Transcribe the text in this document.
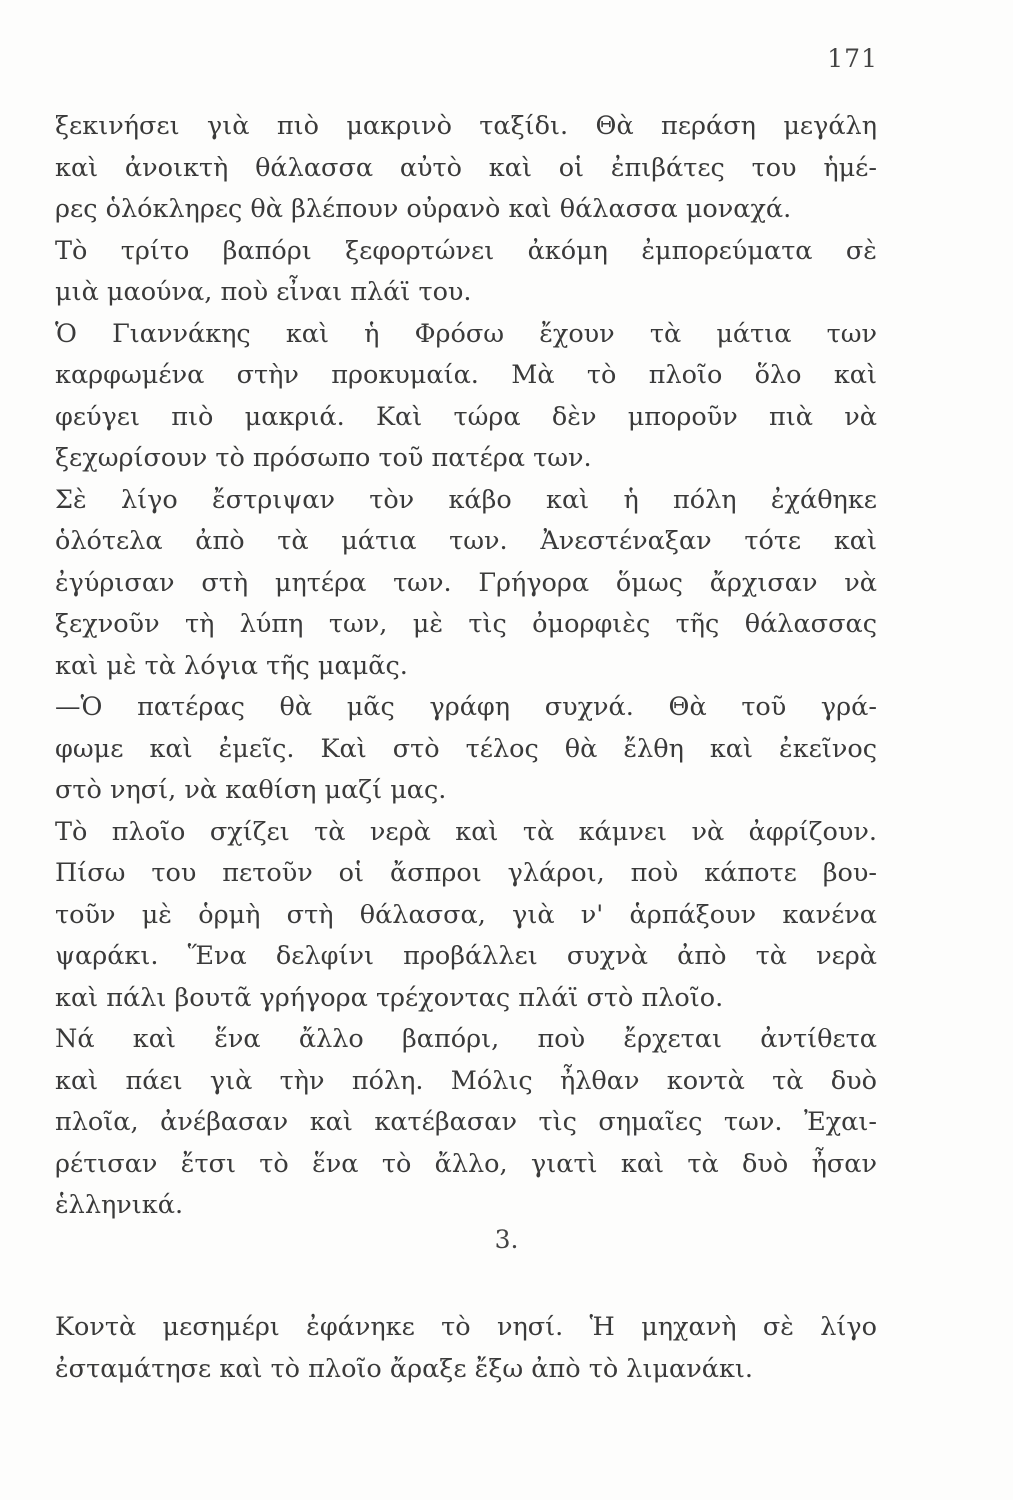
171
ξεκινήσει γιὰ πιὸ μακρινὸ ταξίδι. Θὰ περάση μεγάλη
καὶ ἀνοικτὴ θάλασσα αὐτὸ καὶ οἱ ἐπιβάτες του ἡμέ-
ρες ὁλόκληρες θὰ βλέπουν οὐρανὸ καὶ θάλασσα μοναχά.
Τὸ τρίτο βαπόρι ξεφορτώνει ἀκόμη ἐμπορεύματα σὲ
μιὰ μαούνα, ποὺ εἶναι πλάϊ του.
Ὁ Γιαννάκης καὶ ἡ Φρόσω ἔχουν τὰ μάτια των
καρφωμένα στὴν προκυμαία. Μὰ τὸ πλοῖο ὅλο καὶ
φεύγει πιὸ μακριά. Καὶ τώρα δὲν μποροῦν πιὰ νὰ
ξεχωρίσουν τὸ πρόσωπο τοῦ πατέρα των.
Σὲ λίγο ἔστριψαν τὸν κάβο καὶ ἡ πόλη ἐχάθηκε
ὁλότελα ἀπὸ τὰ μάτια των. Ἀνεστέναξαν τότε καὶ
ἐγύρισαν στὴ μητέρα των. Γρήγορα ὅμως ἄρχισαν νὰ
ξεχνοῦν τὴ λύπη των, μὲ τὶς ὀμορφιὲς τῆς θάλασσας
καὶ μὲ τὰ λόγια τῆς μαμᾶς.
—Ὁ πατέρας θὰ μᾶς γράφη συχνά. Θὰ τοῦ γρά-
φωμε καὶ ἐμεῖς. Καὶ στὸ τέλος θὰ ἔλθη καὶ ἐκεῖνος
στὸ νησί, νὰ καθίση μαζί μας.
Τὸ πλοῖο σχίζει τὰ νερὰ καὶ τὰ κάμνει νὰ ἀφρίζουν.
Πίσω του πετοῦν οἱ ἄσπροι γλάροι, ποὺ κάποτε βου-
τοῦν μὲ ὁρμὴ στὴ θάλασσα, γιὰ ν' ἁρπάξουν κανένα
ψαράκι. Ἕνα δελφίνι προβάλλει συχνὰ ἀπὸ τὰ νερὰ
καὶ πάλι βουτᾶ γρήγορα τρέχοντας πλάϊ στὸ πλοῖο.
Νά καὶ ἕνα ἄλλο βαπόρι, ποὺ ἔρχεται ἀντίθετα
καὶ πάει γιὰ τὴν πόλη. Μόλις ἦλθαν κοντὰ τὰ δυὸ
πλοῖα, ἀνέβασαν καὶ κατέβασαν τὶς σημαῖες των. Ἐχαι-
ρέτισαν ἔτσι τὸ ἕνα τὸ ἄλλο, γιατὶ καὶ τὰ δυὸ ἦσαν
ἑλληνικά.
3.
Κοντὰ μεσημέρι ἐφάνηκε τὸ νησί. Ἡ μηχανὴ σὲ λίγο
ἐσταμάτησε καὶ τὸ πλοῖο ἄραξε ἔξω ἀπὸ τὸ λιμανάκι.
